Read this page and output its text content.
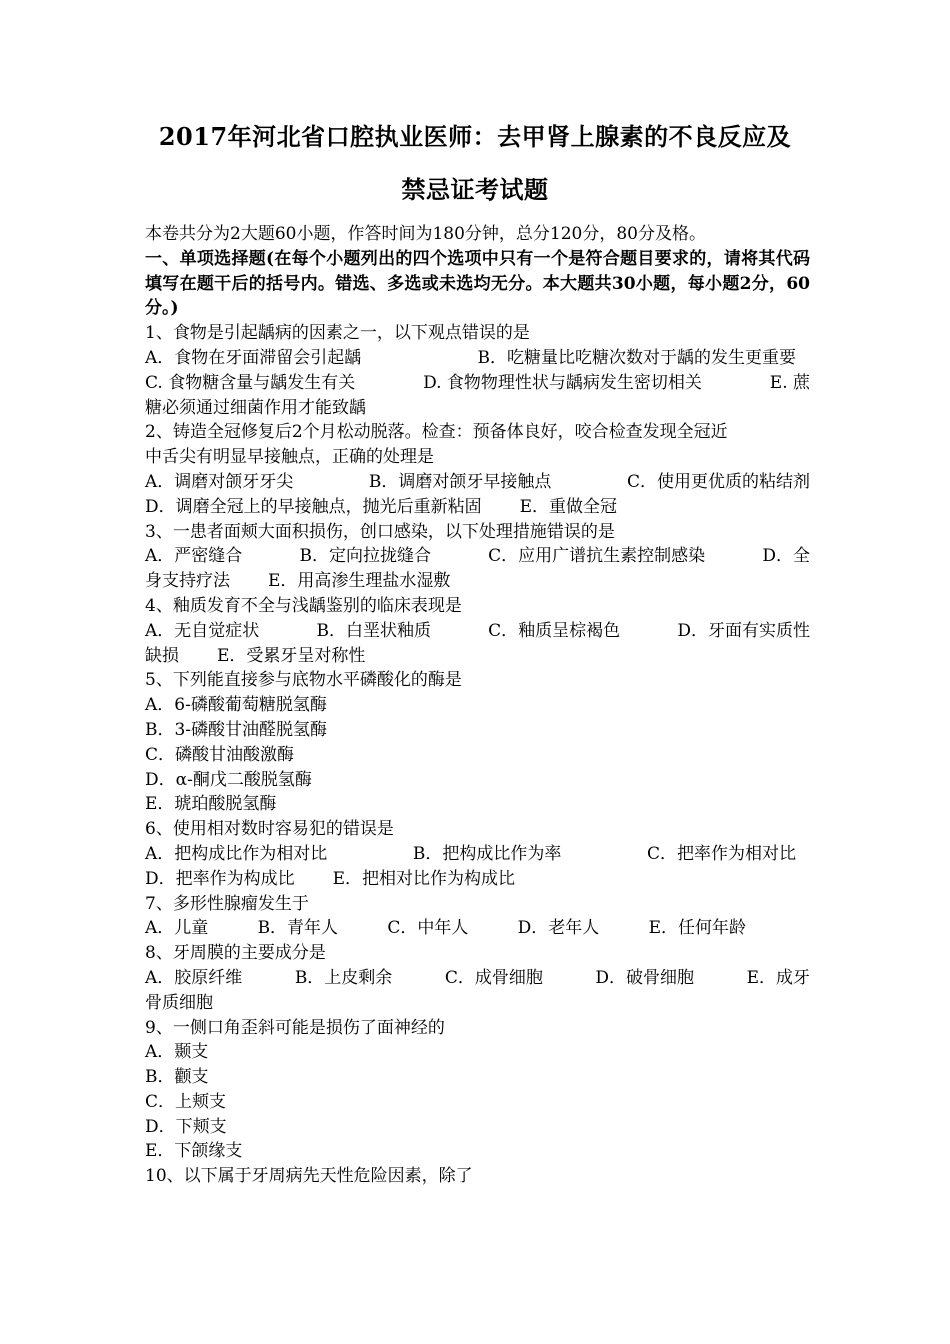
2017年河北省口腔执业医师：去甲肾上腺素的不良反应及
禁忌证考试题
本卷共分为2大题60小题，作答时间为180分钟，总分120分，80分及格。
一、单项选择题(在每个小题列出的四个选项中只有一个是符合题目要求的，请将其代码填写在题干后的括号内。错选、多选或未选均无分。本大题共30小题，每小题2分，60分。)
1、食物是引起龋病的因素之一，以下观点错误的是
A．食物在牙面滞留会引起龋	B．吃糖量比吃糖次数对于龋的发生更重要
C. 食物糖含量与龋发生有关	D. 食物物理性状与龋病发生密切相关	E. 蔗
糖必须通过细菌作用才能致龋
2、铸造全冠修复后2个月松动脱落。检查：预备体良好，咬合检查发现全冠近
中舌尖有明显早接触点，正确的处理是
A．调磨对颌牙牙尖	B．调磨对颌牙早接触点	C．使用更优质的粘结剂
D．调磨全冠上的早接触点，抛光后重新粘固 E．重做全冠
3、一患者面颊大面积损伤，创口感染，以下处理措施错误的是
A．严密缝合	B．定向拉拢缝合	C．应用广谱抗生素控制感染	D．全
身支持疗法 E．用高渗生理盐水湿敷
4、釉质发育不全与浅龋鉴别的临床表现是
A．无自觉症状	B．白垩状釉质	C．釉质呈棕褐色	D．牙面有实质性
缺损 E．受累牙呈对称性
5、下列能直接参与底物水平磷酸化的酶是
A．6-磷酸葡萄糖脱氢酶
B．3-磷酸甘油醛脱氢酶
C．磷酸甘油酸激酶
D．α-酮戊二酸脱氢酶
E．琥珀酸脱氢酶
6、使用相对数时容易犯的错误是
A．把构成比作为相对比	B．把构成比作为率	C．把率作为相对比
D．把率作为构成比 E．把相对比作为构成比
7、多形性腺瘤发生于
A．儿童	B．青年人	C．中年人	D．老年人	E．任何年龄
8、牙周膜的主要成分是
A．胶原纤维	B．上皮剩余	C．成骨细胞	D．破骨细胞	E．成牙
骨质细胞
9、一侧口角歪斜可能是损伤了面神经的
A．颞支
B．颧支
C．上颊支
D．下颊支
E．下颌缘支
10、以下属于牙周病先天性危险因素，除了
